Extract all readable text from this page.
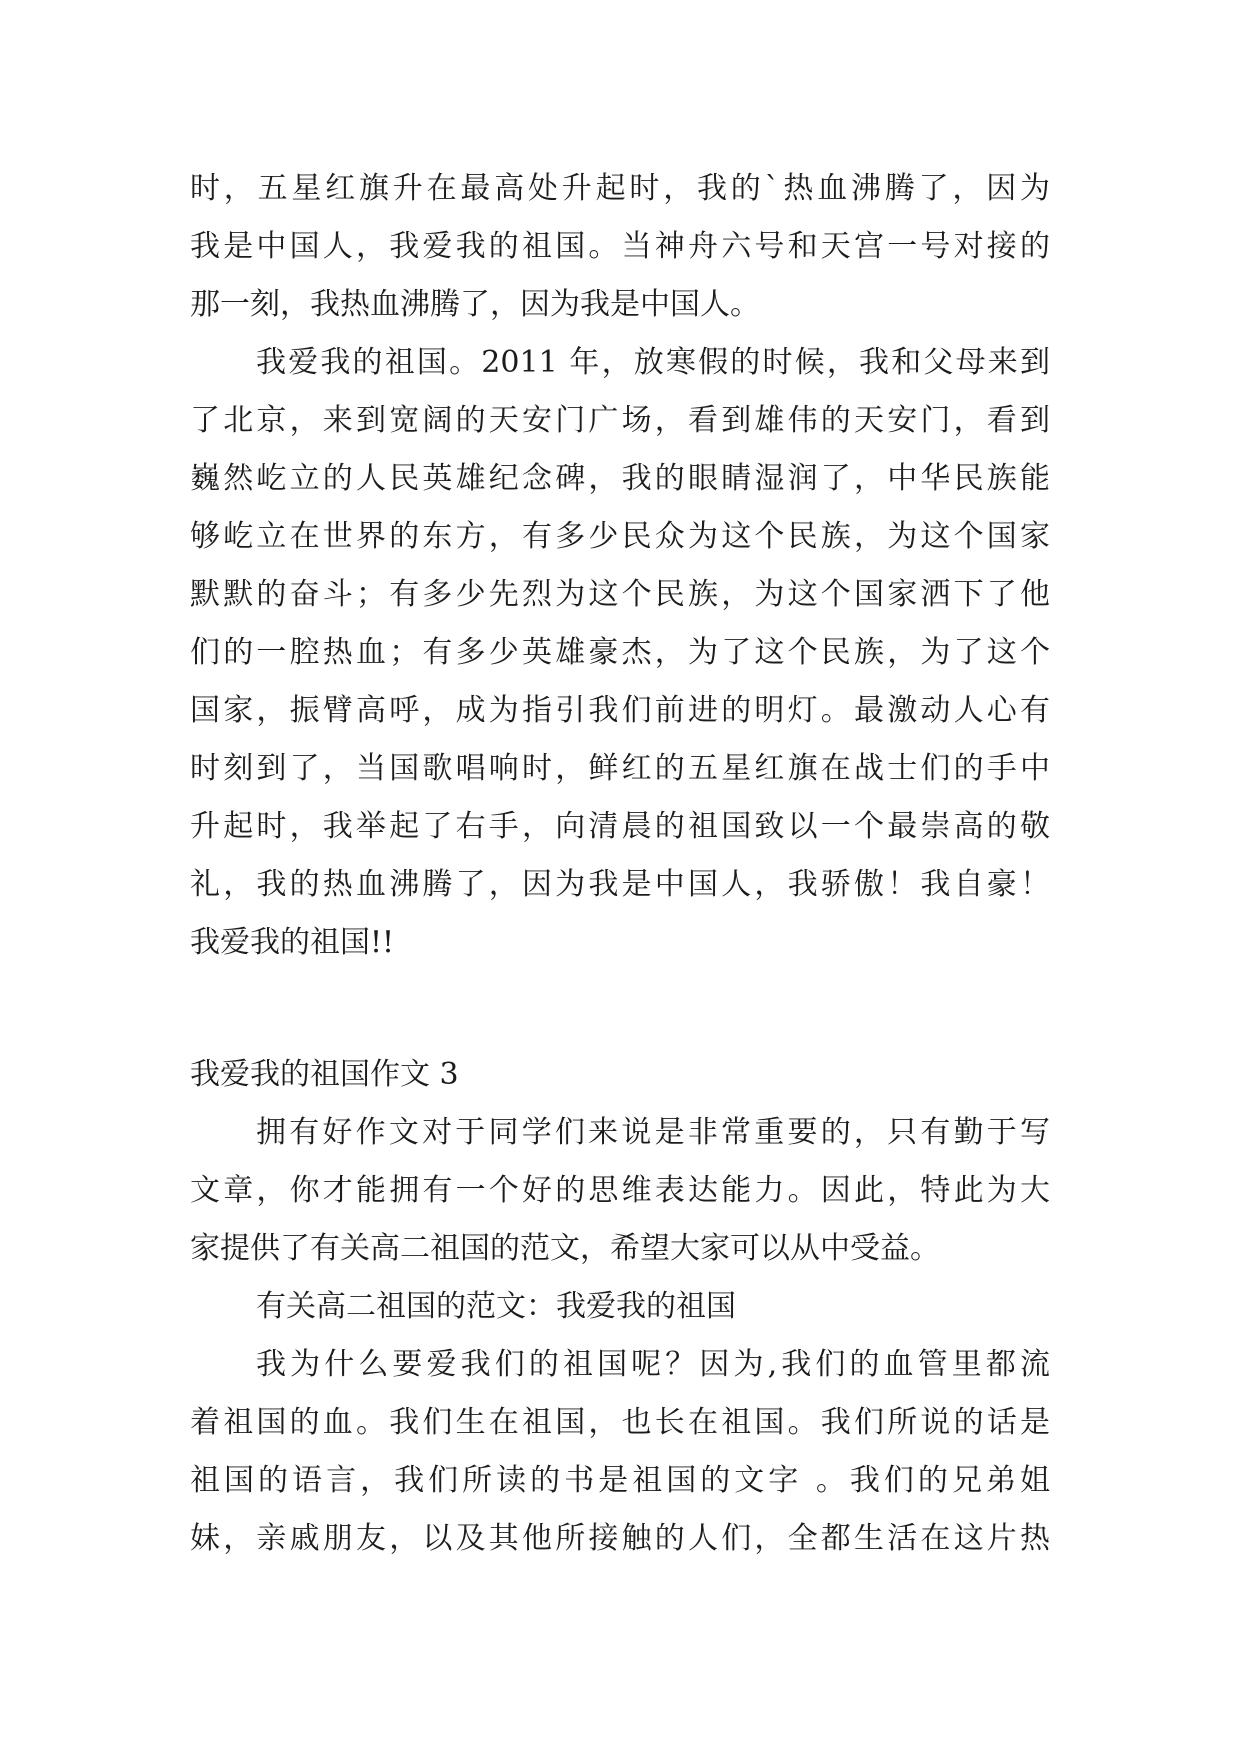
时，五星红旗升在最高处升起时，我的`热血沸腾了，因为
我是中国人，我爱我的祖国。当神舟六号和天宫一号对接的
那一刻，我热血沸腾了，因为我是中国人。
我爱我的祖国。2011 年，放寒假的时候，我和父母来到
了北京，来到宽阔的天安门广场，看到雄伟的天安门，看到
巍然屹立的人民英雄纪念碑，我的眼睛湿润了，中华民族能
够屹立在世界的东方，有多少民众为这个民族，为这个国家
默默的奋斗；有多少先烈为这个民族，为这个国家洒下了他
们的一腔热血；有多少英雄豪杰，为了这个民族，为了这个
国家，振臂高呼，成为指引我们前进的明灯。最激动人心有
时刻到了，当国歌唱响时，鲜红的五星红旗在战士们的手中
升起时，我举起了右手，向清晨的祖国致以一个最崇高的敬
礼，我的热血沸腾了，因为我是中国人，我骄傲！我自豪！
我爱我的祖国!!
我爱我的祖国作文 3
拥有好作文对于同学们来说是非常重要的，只有勤于写
文章，你才能拥有一个好的思维表达能力。因此，特此为大
家提供了有关高二祖国的范文，希望大家可以从中受益。
有关高二祖国的范文：我爱我的祖国
我为什么要爱我们的祖国呢？因为,我们的血管里都流
着祖国的血。我们生在祖国，也长在祖国。我们所说的话是
祖国的语言，我们所读的书是祖国的文字 。我们的兄弟姐
妹，亲戚朋友，以及其他所接触的人们，全都生活在这片热
